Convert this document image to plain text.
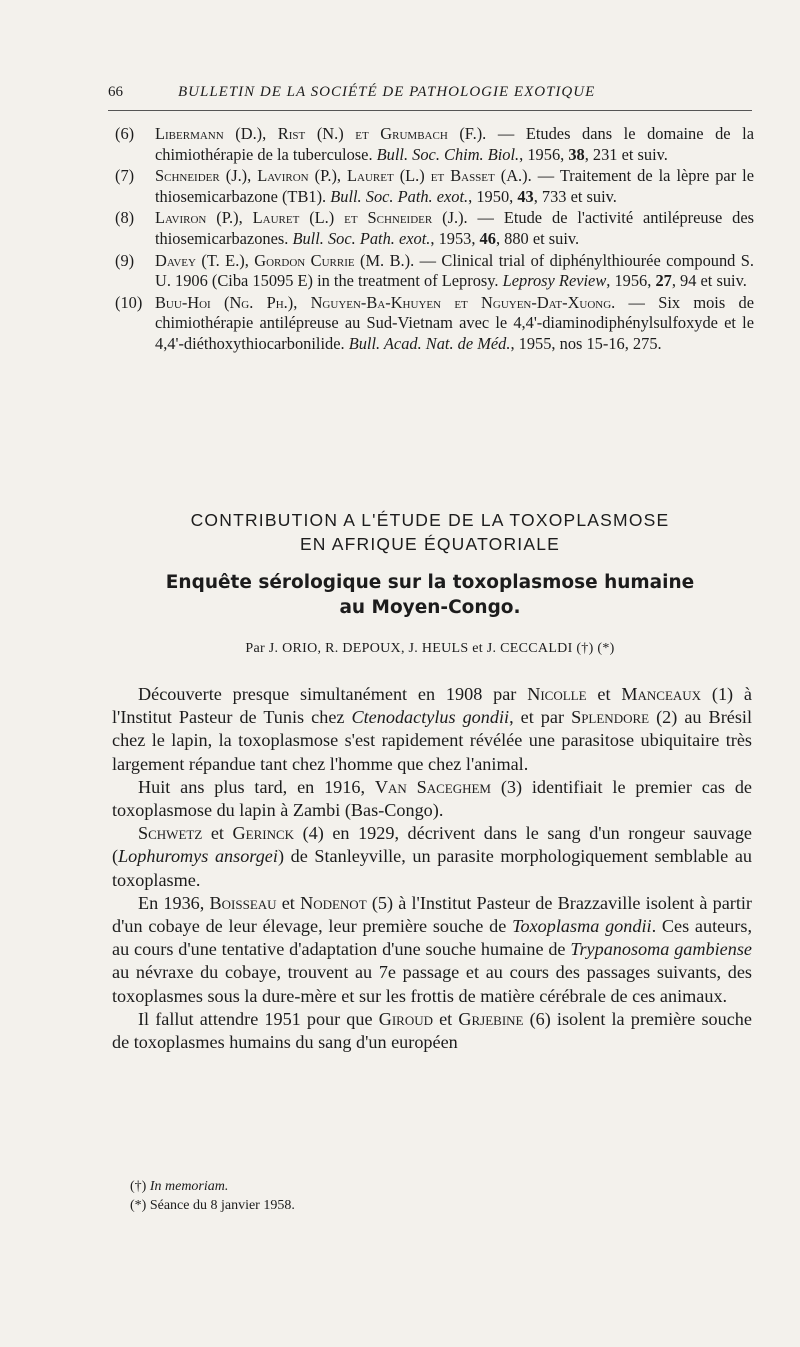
66	BULLETIN DE LA SOCIÉTÉ DE PATHOLOGIE EXOTIQUE
(6) Libermann (D.), Rist (N.) et Grumbach (F.). — Etudes dans le domaine de la chimiothérapie de la tuberculose. Bull. Soc. Chim. Biol., 1956, 38, 231 et suiv.
(7) Schneider (J.), Laviron (P.), Lauret (L.) et Basset (A.). — Traitement de la lèpre par le thiosemicarbazone (TB1). Bull. Soc. Path. exot., 1950, 43, 733 et suiv.
(8) Laviron (P.), Lauret (L.) et Schneider (J.). — Etude de l'activité antilépreuse des thiosemicarbazones. Bull. Soc. Path. exot., 1953, 46, 880 et suiv.
(9) Davey (T. E.), Gordon Currie (M. B.). — Clinical trial of diphénylthiourée compound S. U. 1906 (Ciba 15095 E) in the treatment of Leprosy. Leprosy Review, 1956, 27, 94 et suiv.
(10) Buu-Hoi (Ng. Ph.), Nguyen-Ba-Khuyen et Nguyen-Dat-Xuong. — Six mois de chimiothérapie antilépreuse au Sud-Vietnam avec le 4,4'-diaminodiphénylsulfoxyde et le 4,4'-diéthoxythiocarbonilide. Bull. Acad. Nat. de Méd., 1955, nos 15-16, 275.
CONTRIBUTION A L'ÉTUDE DE LA TOXOPLASMOSE
EN AFRIQUE ÉQUATORIALE
Enquête sérologique sur la toxoplasmose humaine
au Moyen-Congo.
Par J. ORIO, R. DEPOUX, J. HEULS et J. CECCALDI (†) (*)

Découverte presque simultanément en 1908 par Nicolle et Manceaux (1) à l'Institut Pasteur de Tunis chez Ctenodactylus gondii, et par Splendore (2) au Brésil chez le lapin, la toxoplasmose s'est rapidement révélée une parasitose ubiquitaire très largement répandue tant chez l'homme que chez l'animal.

Huit ans plus tard, en 1916, Van Saceghem (3) identifiait le premier cas de toxoplasmose du lapin à Zambi (Bas-Congo).

Schwetz et Gerinck (4) en 1929, décrivent dans le sang d'un rongeur sauvage (Lophuromys ansorgei) de Stanleyville, un parasite morphologiquement semblable au toxoplasme.

En 1936, Boisseau et Nodenot (5) à l'Institut Pasteur de Brazzaville isolent à partir d'un cobaye de leur élevage, leur première souche de Toxoplasma gondii. Ces auteurs, au cours d'une tentative d'adaptation d'une souche humaine de Trypanosoma gambiense au névraxe du cobaye, trouvent au 7e passage et au cours des passages suivants, des toxoplasmes sous la dure-mère et sur les frottis de matière cérébrale de ces animaux.

Il fallut attendre 1951 pour que Giroud et Grjebine (6) isolent la première souche de toxoplasmes humains du sang d'un européen

(†) In memoriam.
(*) Séance du 8 janvier 1958.
